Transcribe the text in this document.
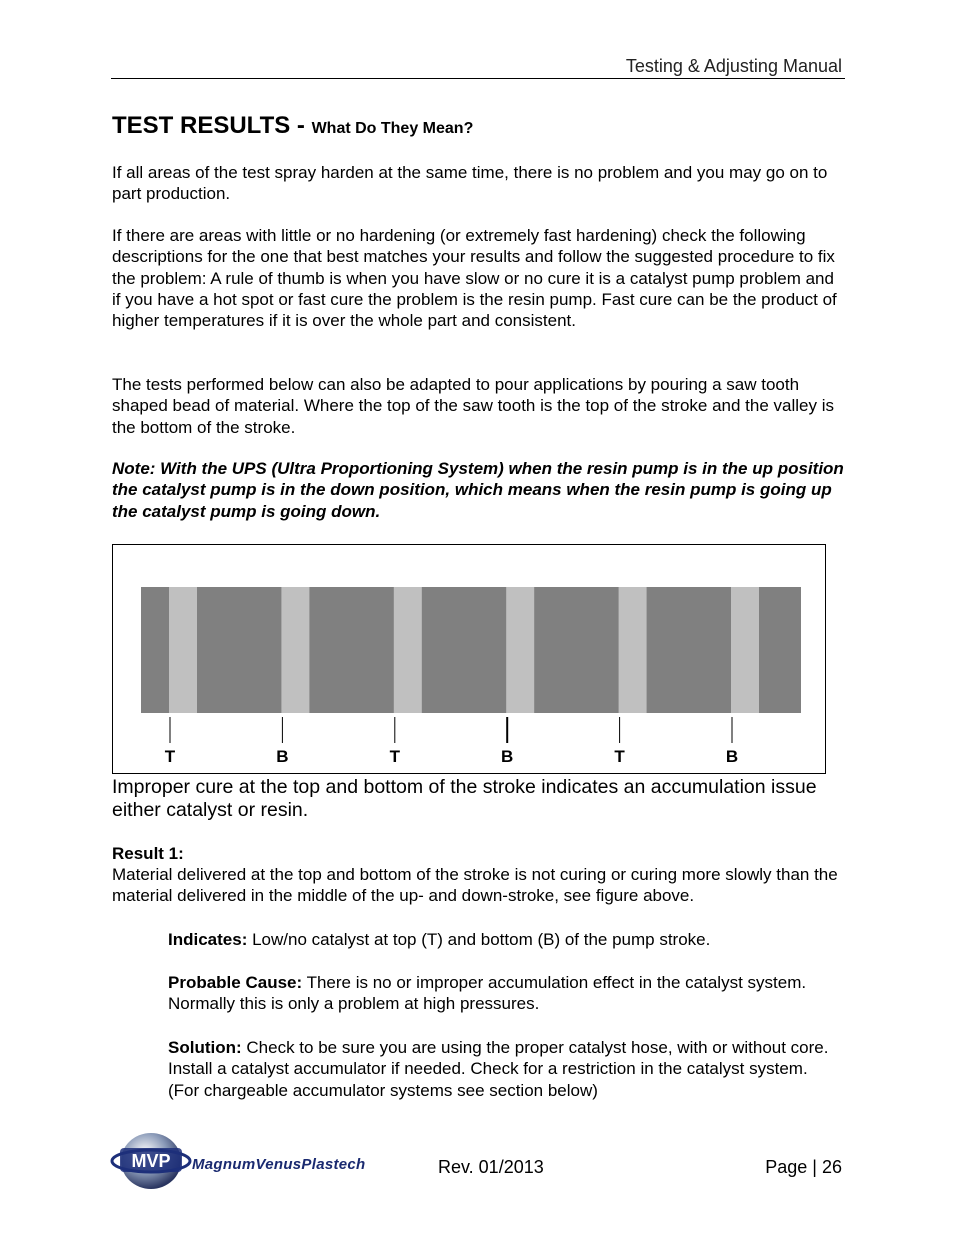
Testing & Adjusting Manual
TEST RESULTS - What Do They Mean?

If all areas of the test spray harden at the same time, there is no problem and you may go on to part production.

If there are areas with little or no hardening (or extremely fast hardening) check the following descriptions for the one that best matches your results and follow the suggested procedure to fix the problem: A rule of thumb is when you have slow or no cure it is a catalyst pump problem and if you have a hot spot or fast cure the problem is the resin pump. Fast cure can be the product of higher temperatures if it is over the whole part and consistent.

The tests performed below can also be adapted to pour applications by pouring a saw tooth shaped bead of material. Where the top of the saw tooth is the top of the stroke and the valley is the bottom of the stroke.

Note: With the UPS (Ultra Proportioning System) when the resin pump is in the up position the catalyst pump is in the down position, which means when the resin pump is going up the catalyst pump is going down.

T	B	T	B	T	B
Improper cure at the top and bottom of the stroke indicates an accumulation issue either catalyst or resin.
Result 1:

Material delivered at the top and bottom of the stroke is not curing or curing more slowly than the material delivered in the middle of the up- and down-stroke, see figure above.

Indicates: Low/no catalyst at top (T) and bottom (B) of the pump stroke.

Probable Cause: There is no or improper accumulation effect in the catalyst system. Normally this is only a problem at high pressures.

Solution: Check to be sure you are using the proper catalyst hose, with or without core. Install a catalyst accumulator if needed. Check for a restriction in the catalyst system. (For chargeable accumulator systems see section below)

MVP MagnumVenusPlastech	Rev. 01/2013	Page | 26
